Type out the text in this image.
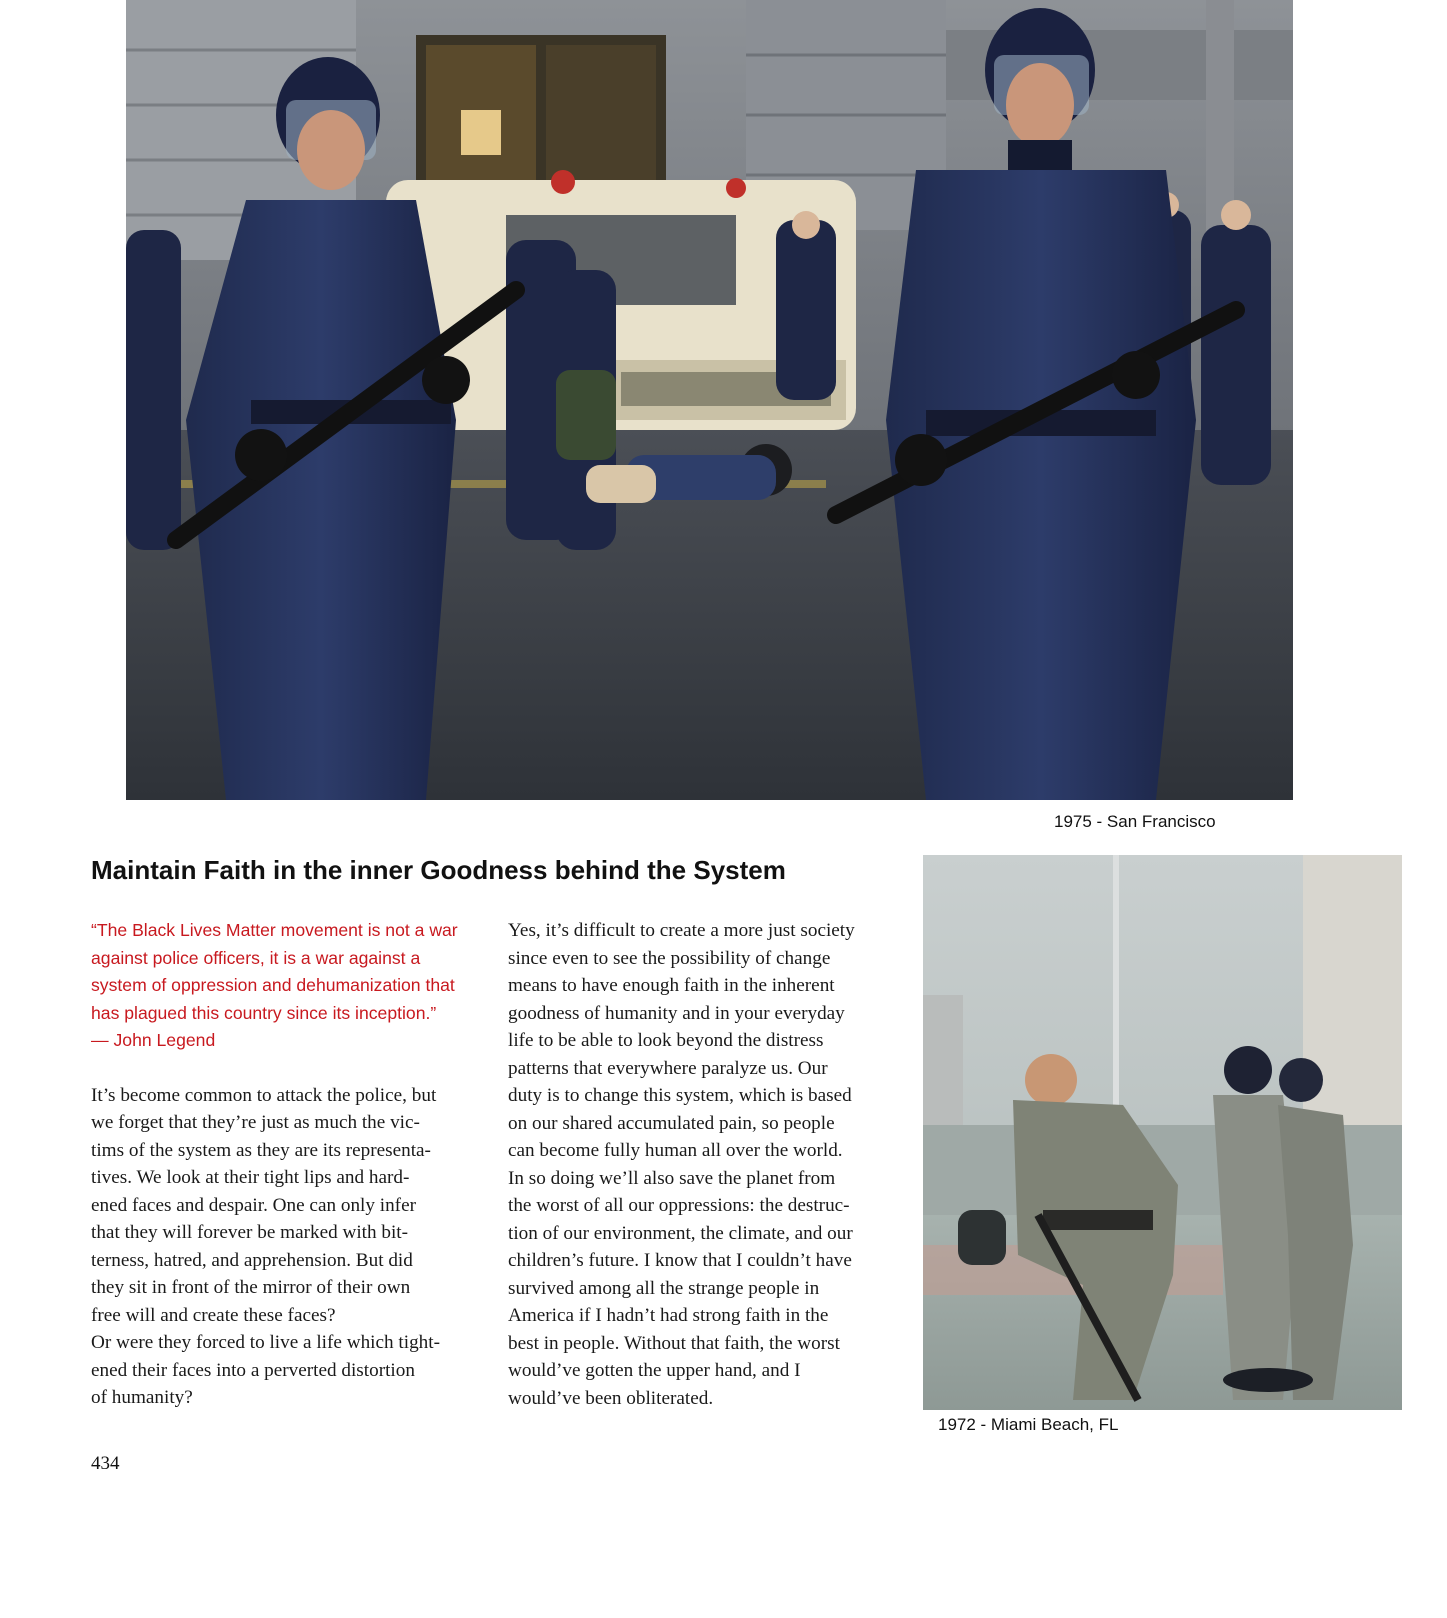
1975 - San Francisco
Maintain Faith in the inner Goodness behind the System

“The Black Lives Matter movement is not a war
against police officers, it is a war against a
system of oppression and dehumanization that
has plagued this country since its inception.”
— John Legend

It’s become common to attack the police, but
we forget that they’re just as much the vic-
tims of the system as they are its representa-
tives. We look at their tight lips and hard-
ened faces and despair. One can only infer
that they will forever be marked with bit-
terness, hatred, and apprehension. But did
they sit in front of the mirror of their own
free will and create these faces?
Or were they forced to live a life which tight-
ened their faces into a perverted distortion
of humanity?

Yes, it’s difficult to create a more just society
since even to see the possibility of change
means to have enough faith in the inherent
goodness of humanity and in your everyday
life to be able to look beyond the distress
patterns that everywhere paralyze us. Our
duty is to change this system, which is based
on our shared accumulated pain, so people
can become fully human all over the world.
In so doing we’ll also save the planet from
the worst of all our oppressions: the destruc-
tion of our environment, the climate, and our
children’s future. I know that I couldn’t have
survived among all the strange people in
America if I hadn’t had strong faith in the
best in people. Without that faith, the worst
would’ve gotten the upper hand, and I
would’ve been obliterated.

1972 - Miami Beach, FL
434
